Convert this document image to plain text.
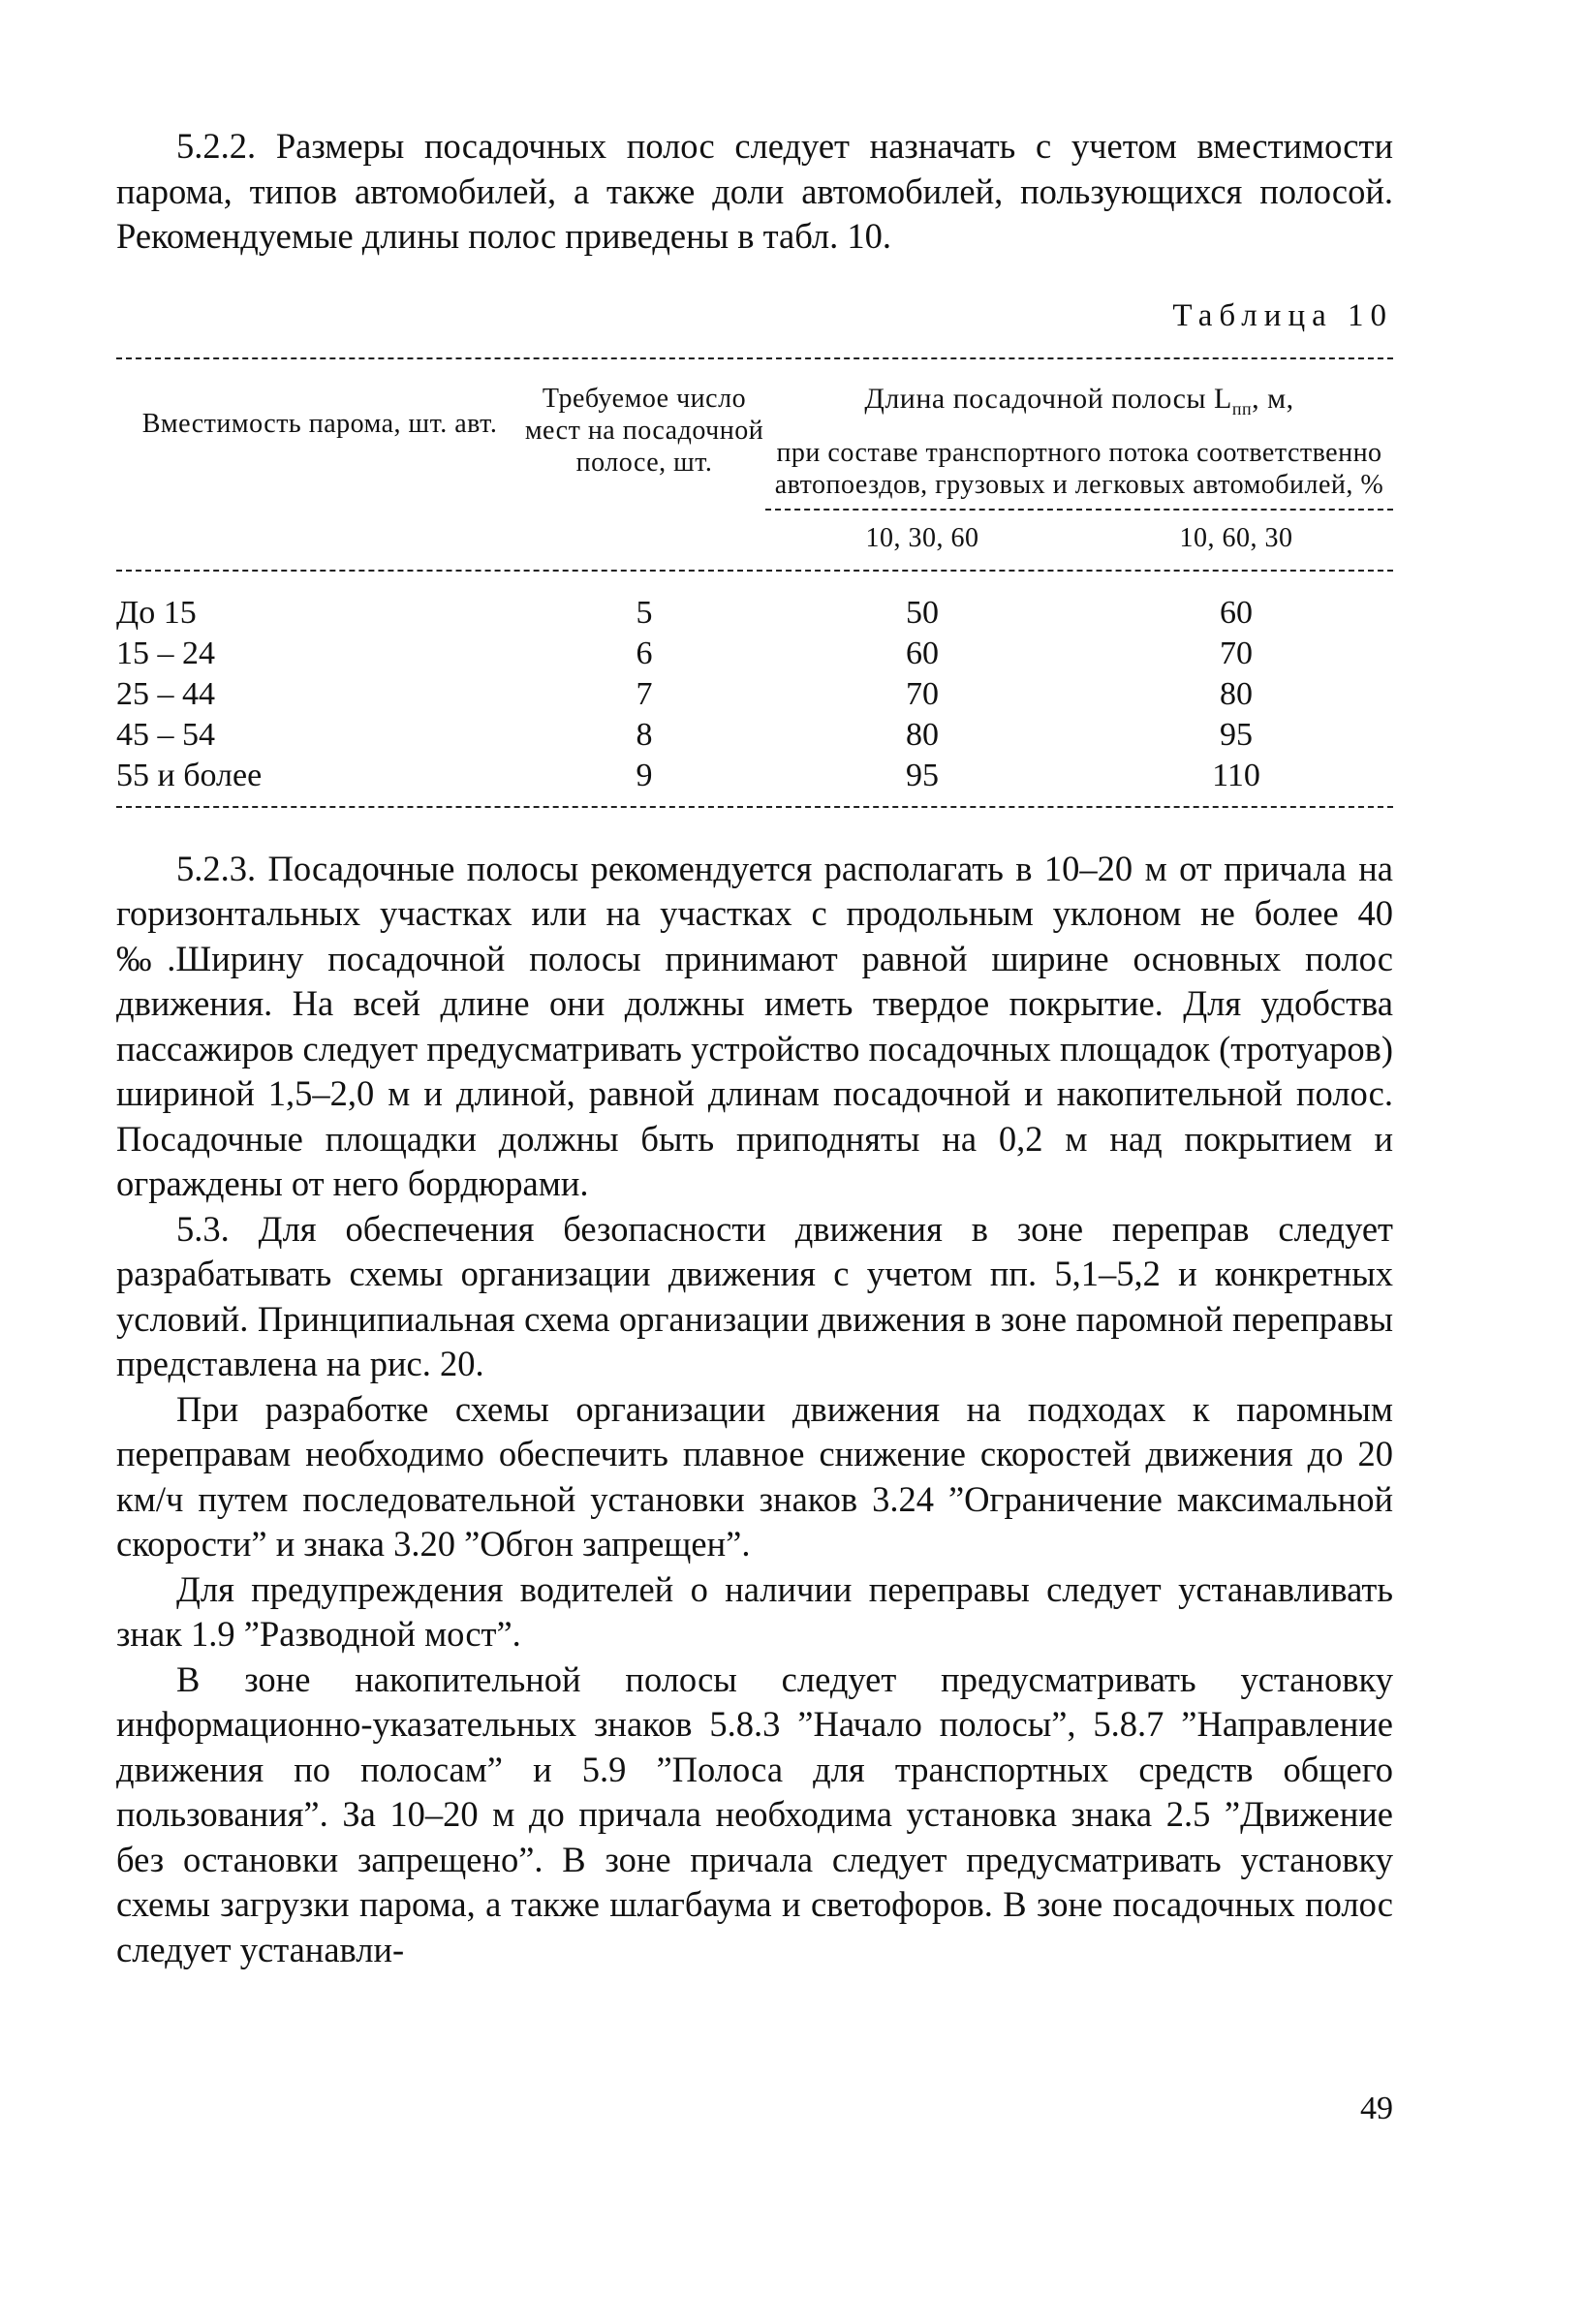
5.2.2. Размеры посадочных полос следует назначать с учетом вместимости парома, типов автомобилей, а также доли автомобилей, пользующихся полосой. Рекомендуемые длины полос приведены в табл. 10.

Таблица 10
Вместимость парома, шт. авт.
Требуемое число мест на посадочной полосе, шт.
Длина посадочной полосы $L_{пп}$, м,
при составе транспортного потока соответственно автопоездов, грузовых и легковых автомобилей, %
10, 30, 60	10, 60, 30
До 15	5	50	60
15 – 24	6	60	70
25 – 44	7	70	80
45 – 54	8	80	95
55 и более	9	95	110

5.2.3. Посадочные полосы рекомендуется располагать в 10–20 м от причала на горизонтальных участках или на участках с продольным уклоном не более 40 ‰.Ширину посадочной полосы принимают равной ширине основных полос движения. На всей длине они должны иметь твердое покрытие. Для удобства пассажиров следует предусматривать устройство посадочных площадок (тротуаров) шириной 1,5–2,0 м и длиной, равной длинам посадочной и накопительной полос. Посадочные площадки должны быть приподняты на 0,2 м над покрытием и ограждены от него бордюрами.

5.3. Для обеспечения безопасности движения в зоне переправ следует разрабатывать схемы организации движения с учетом пп. 5,1–5,2 и конкретных условий. Принципиальная схема организации движения в зоне паромной переправы представлена на рис. 20.

При разработке схемы организации движения на подходах к паромным переправам необходимо обеспечить плавное снижение скоростей движения до 20 км/ч путем последовательной установки знаков 3.24 ”Ограничение максимальной скорости” и знака 3.20 ”Обгон запрещен”.

Для предупреждения водителей о наличии переправы следует устанавливать знак 1.9 ”Разводной мост”.

В зоне накопительной полосы следует предусматривать установку информационно-указательных знаков 5.8.3 ”Начало полосы”, 5.8.7 ”Направление движения по полосам” и 5.9 ”Полоса для транспортных средств общего пользования”. За 10–20 м до причала необходима установка знака 2.5 ”Движение без остановки запрещено”. В зоне причала следует предусматривать установку схемы загрузки парома, а также шлагбаума и светофоров. В зоне посадочных полос следует устанавли-

49
